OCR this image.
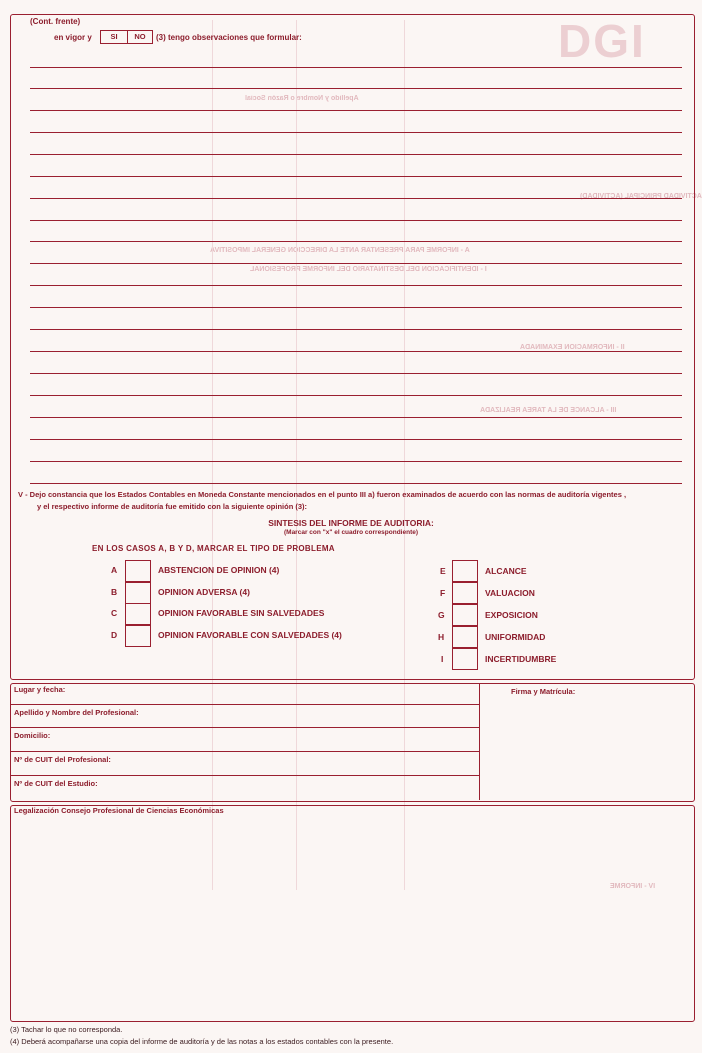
DGI
A - INFORME PARA PRESENTAR ANTE LA DIRECCION GENERAL IMPOSITIVA
I - IDENTIFICACION DEL DESTINATARIO DEL INFORME PROFESIONAL
II - INFORMACION EXAMINADA
III - ALCANCE DE LA TAREA REALIZADA
IV - INFORME
ACTIVIDAD PRINCIPAL (ACTIVIDAD)
Apellido y Nombre o Razón Social
(Cont. frente)
en vigor y	SI	NO	(3) tengo observaciones que formular:
V - Dejo constancia que los Estados Contables en Moneda Constante mencionados en el punto III a) fueron examinados de acuerdo con las normas de auditoría vigentes ,
y el respectivo informe de auditoría fue emitido con la siguiente opinión (3):
SINTESIS DEL INFORME DE AUDITORIA:
(Marcar con "x" el cuadro correspondiente)
EN LOS CASOS A, B Y D, MARCAR EL TIPO DE PROBLEMA
A	ABSTENCION DE OPINION (4)
B	OPINION ADVERSA (4)
C	OPINION FAVORABLE SIN SALVEDADES
D	OPINION FAVORABLE CON SALVEDADES (4)
E	ALCANCE
F	VALUACION
G	EXPOSICION
H	UNIFORMIDAD
I	INCERTIDUMBRE
Lugar y fecha:	Firma y Matrícula:
Apellido y Nombre del Profesional:
Domicilio:
Nº de CUIT del Profesional:
Nº de CUIT del Estudio:
Legalización Consejo Profesional de Ciencias Económicas
(3) Tachar lo que no corresponda.
(4) Deberá acompañarse una copia del informe de auditoría y de las notas a los estados contables con la presente.
